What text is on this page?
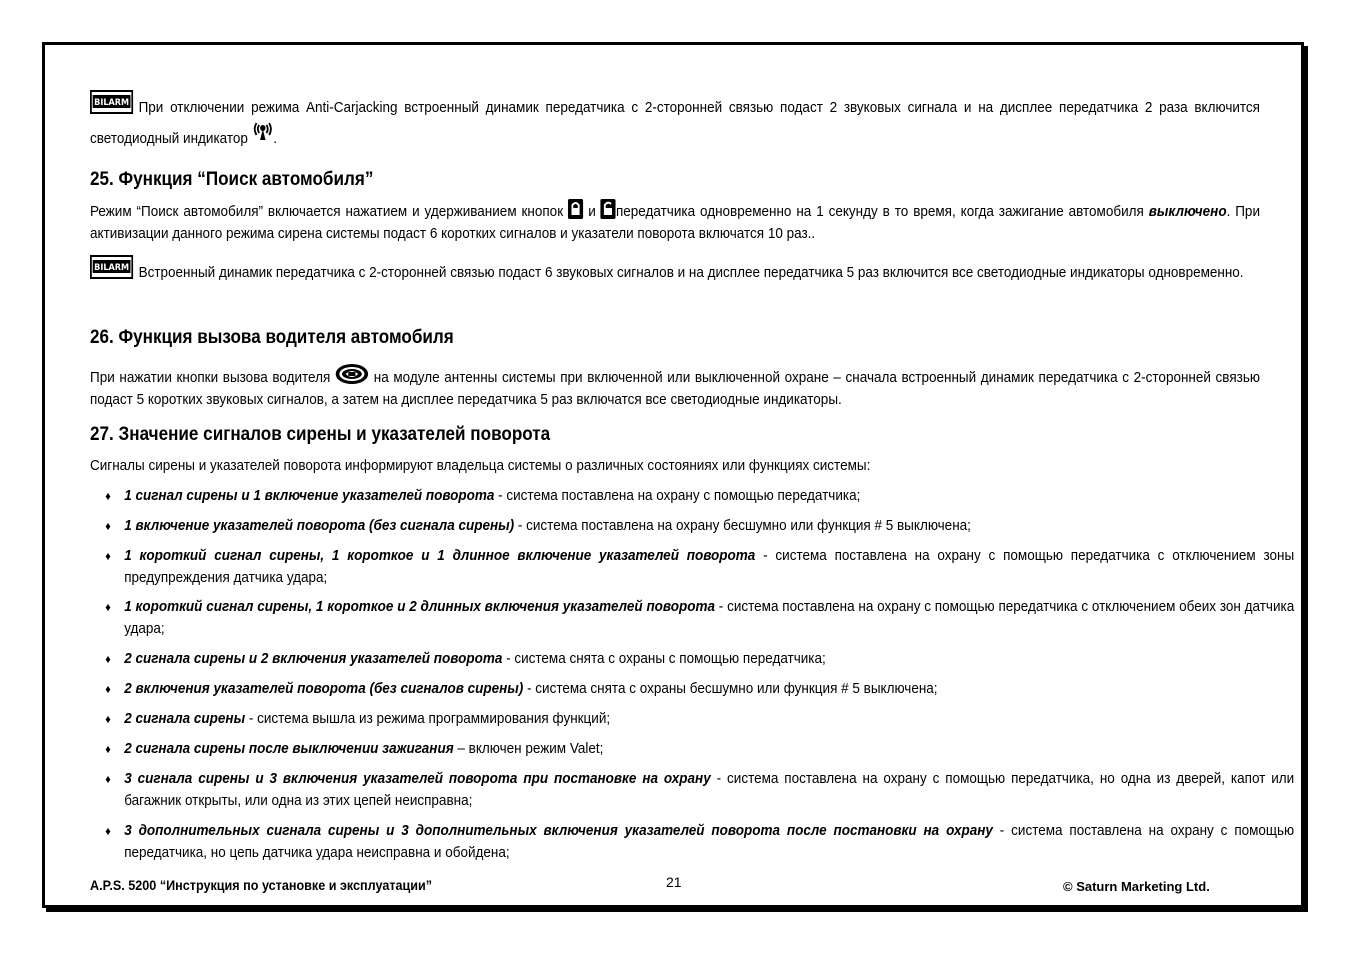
BILARM При отключении режима Anti-Carjacking встроенный динамик передатчика с 2-сторонней связью подаст 2 звуковых сигнала и на дисплее передатчика 2 раза включится светодиодный индикатор .

25. Функция “Поиск автомобиля”

Режим “Поиск автомобиля” включается нажатием и удерживанием кнопок и передатчика одновременно на 1 секунду в то время, когда зажигание автомобиля выключено. При активизации данного режима сирена системы подаст 6 коротких сигналов и указатели поворота включатся 10 раз..

BILARM Встроенный динамик передатчика с 2-сторонней связью подаст 6 звуковых сигналов и на дисплее передатчика 5 раз включится все светодиодные индикаторы одновременно.

26. Функция вызова водителя автомобиля

При нажатии кнопки вызова водителя	на модуле антенны системы при включенной или выключенной охране – сначала встроенный динамик передатчика с 2-сторонней связью подаст 5 коротких звуковых сигналов, а затем на дисплее передатчика 5 раз включатся все светодиодные индикаторы.

27. Значение сигналов сирены и указателей поворота

Сигналы сирены и указателей поворота информируют владельца системы о различных состояниях или функциях системы:

♦ 1 сигнал сирены и 1 включение указателей поворота - система поставлена на охрану с помощью передатчика;
♦ 1 включение указателей поворота (без сигнала сирены) - система поставлена на охрану бесшумно или функция # 5 выключена;
♦ 1 короткий сигнал сирены, 1 короткое и 1 длинное включение указателей поворота - система поставлена на охрану с помощью передатчика с отключением зоны предупреждения датчика удара;
♦ 1 короткий сигнал сирены, 1 короткое и 2 длинных включения указателей поворота - система поставлена на охрану с помощью передатчика с отключением обеих зон датчика удара;
♦ 2 сигнала сирены и 2 включения указателей поворота - система снята с охраны с помощью передатчика;
♦ 2 включения указателей поворота (без сигналов сирены) - система снята с охраны бесшумно или функция # 5 выключена;
♦ 2 сигнала сирены - система вышла из режима программирования функций;
♦ 2 сигнала сирены после выключении зажигания – включен режим Valet;
♦ 3 сигнала сирены и 3 включения указателей поворота при постановке на охрану - система поставлена на охрану с помощью передатчика, но одна из дверей, капот или багажник открыты, или одна из этих цепей неисправна;
♦ 3 дополнительных сигнала сирены и 3 дополнительных включения указателей поворота после постановки на охрану - система поставлена на охрану с помощью передатчика, но цепь датчика удара неисправна и обойдена;
A.P.S. 5200 “Инструкция по установке и эксплуатации”	21	© Saturn Marketing Ltd.
